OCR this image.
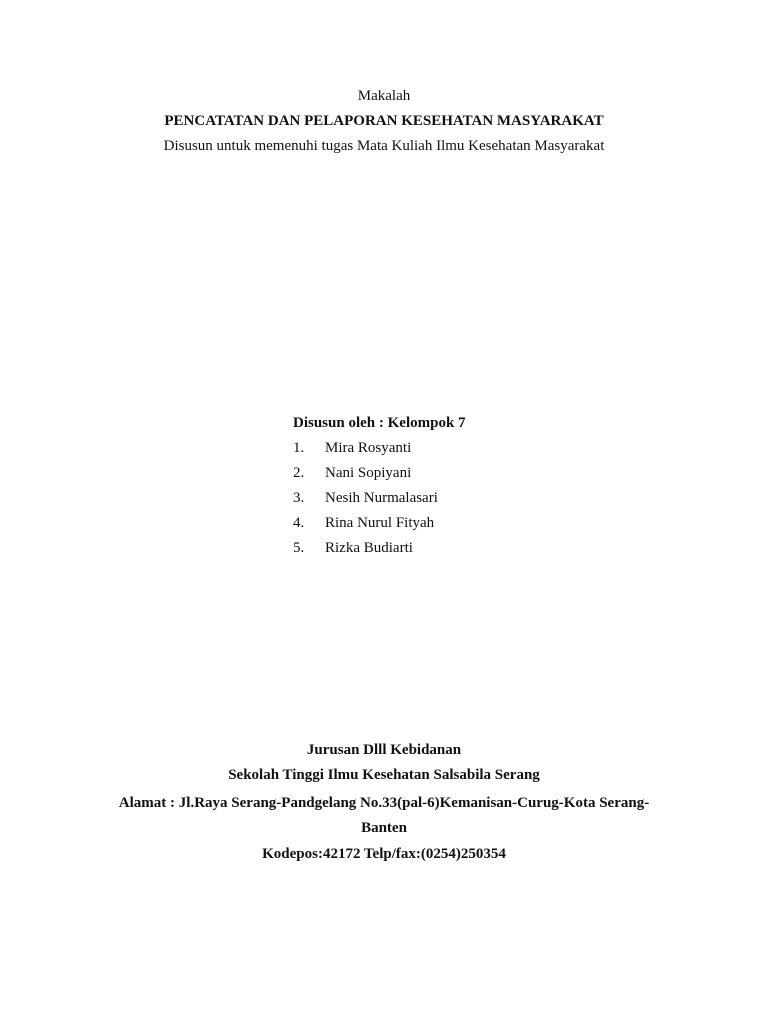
Makalah
PENCATATAN DAN PELAPORAN KESEHATAN MASYARAKAT
Disusun untuk memenuhi tugas Mata Kuliah Ilmu Kesehatan Masyarakat
Disusun oleh : Kelompok 7
1. Mira Rosyanti
2. Nani Sopiyani
3. Nesih Nurmalasari
4. Rina Nurul Fityah
5. Rizka Budiarti
Jurusan Dlll Kebidanan
Sekolah Tinggi Ilmu Kesehatan Salsabila Serang
Alamat : Jl.Raya Serang-Pandgelang No.33(pal-6)Kemanisan-Curug-Kota Serang-
Banten
Kodepos:42172 Telp/fax:(0254)250354
